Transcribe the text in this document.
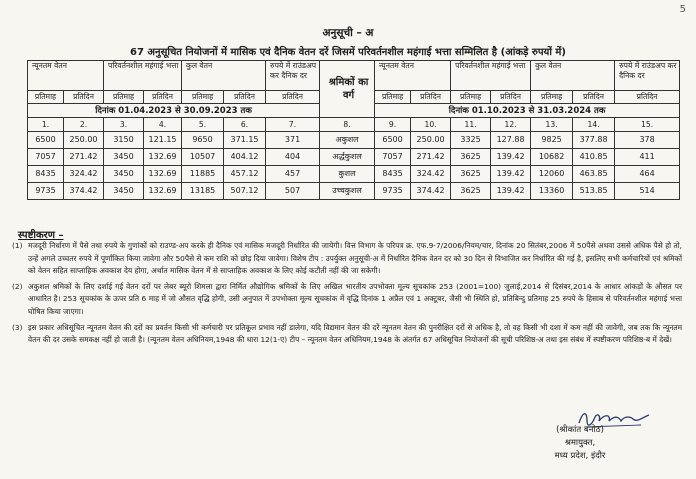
5
अनुसूची – अ
67 अनुसूचित नियोजनों में मासिक एवं दैनिक वेतन दरें जिसमें परिवर्तनशील महंगाई भत्ता सम्मिलित है (आंकड़े रुपयों में)
न्यूनतम वेतन		परिवर्तनशील महंगाई भत्ता		कुल वेतन		रुपये में राउंडअप कर दैनिक दर	श्रमिकों का वर्ग	न्यूनतम वेतन		परिवर्तनशील महंगाई भत्ता		कुल वेतन		रुपये में राउंडअप कर दैनिक दर
प्रतिमाह	प्रतिदिन	प्रतिमाह	प्रतिदिन	प्रतिमाह	प्रतिदिन	प्रतिदिन		प्रतिमाह	प्रतिदिन	प्रतिमाह	प्रतिदिन	प्रतिमाह	प्रतिदिन	प्रतिदिन
दिनांक 01.04.2023 से 30.09.2023 तक								दिनांक 01.10.2023 से 31.03.2024 तक						
1.	2.	3.	4.	5.	6.	7.	8.	9.	10.	11.	12.	13.	14.	15.
6500	250.00	3150	121.15	9650	371.15	371	अकुशल	6500	250.00	3325	127.88	9825	377.88	378
7057	271.42	3450	132.69	10507	404.12	404	अर्द्धकुशल	7057	271.42	3625	139.42	10682	410.85	411
8435	324.42	3450	132.69	11885	457.12	457	कुशल	8435	324.42	3625	139.42	12060	463.85	464
9735	374.42	3450	132.69	13185	507.12	507	उच्चकुशल	9735	374.42	3625	139.42	13360	513.85	514
स्पष्टीकरण –
(1) मजदूरी निर्धारण में पैसे तथा रुपये के गुणांकों को राउण्ड-अप करके ही दैनिक एवं मासिक मजदूरी निर्धारित की जायेगी। वित्त विभाग के परिपत्र क्र. एफ.9-7/2006/नियम/चार, दिनांक 20 सितंबर,2006 में 50पैसे अथवा उससे अधिक पैसे हो तो, उन्हें अगले उच्चतर रुपये में पूर्णांकित किया जावेगा और 50पैसे से कम राशि को छोड़ दिया जावेगा। विशेष टीप : उपर्युक्त अनुसूची-अ में निर्धारित दैनिक वेतन दर को 30 दिन से विभाजित कर निर्धारित की गई है, इसलिए सभी कर्मचारियों एवं श्रमिकों को वेतन सहित साप्ताहिक अवकाश देय होगा, अर्थात मासिक वेतन में से साप्ताहिक अवकाश के लिए कोई कटौती नहीं की जा सकेगी।
(2) अकुशल श्रमिकों के लिए दर्शाई गई वेतन दरों पर लेबर ब्यूरो शिमला द्वारा निर्मित औद्योगिक श्रमिकों के लिए अखिल भारतीय उपभोक्ता मूल्य सूचकांक 253 (2001=100) जुलाई,2014 से दिसंबर,2014 के आधार आंकड़ों के औसत पर आधारित है। 253 सूचकांक के ऊपर प्रति 6 माह में जो औसत वृद्धि होगी, उसी अनुपात में उपभोक्ता मूल्य सूचकांक में वृद्धि दिनांक 1 अप्रैल एवं 1 अक्टूबर, जैसी भी स्थिति हो, प्रतिबिन्दु प्रतिमाह 25 रुपये के हिसाब से परिवर्तनशील महंगाई भत्ता घोषित किया जाएगा।
(3) इस प्रकार अधिसूचित न्यूनतम वेतन की दरों का प्रवर्तन किसी भी कर्मचारी पर प्रतिकूल प्रभाव नहीं डालेगा, यदि विद्यमान वेतन की दरें न्यूनतम वेतन की पुनरीक्षित दरों से अधिक है, तो वह किसी भी दशा में कम नहीं की जावेगी, जब तक कि न्यूनतम वेतन की दर उसके समकक्ष नहीं हो जाती है। (न्यूनतम वेतन अधिनियम,1948 की धारा 12(1-ए) टीप – न्यूनतम वेतन अधिनियम,1948 के अंतर्गत 67 अधिसूचित नियोजनों की सूची परिशिष्ठ-अ तथा इस संबंध में स्पष्टीकरण परिशिष्ठ-ब में देखें।
(श्रीकांत बनोठ)
श्रमायुक्त,
मध्य प्रदेश, इंदौर
